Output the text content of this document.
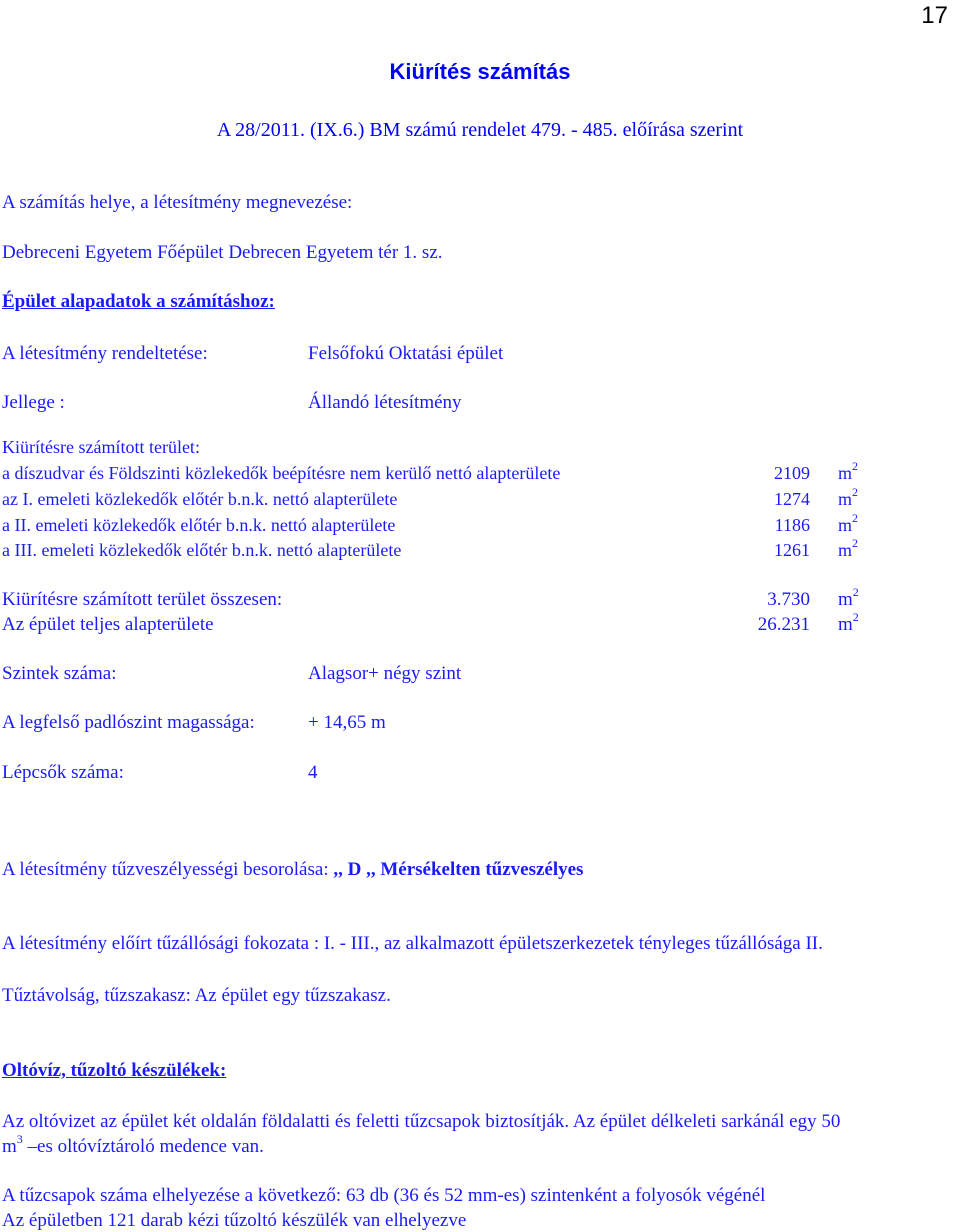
17
Kiürítés számítás
A 28/2011. (IX.6.) BM számú rendelet 479. - 485. előírása szerint
A számítás helye, a létesítmény megnevezése:
Debreceni Egyetem Főépület Debrecen Egyetem tér 1. sz.
Épület alapadatok a számításhoz:
A létesítmény rendeltetése:	Felsőfokú Oktatási épület
Jellege :	Állandó létesítmény
Kiürítésre számított terület:
a díszudvar és Földszinti közlekedők beépítésre nem kerülő nettó alapterülete	2109 $m^2$
az I. emeleti közlekedők előtér b.n.k. nettó alapterülete	1274 $m^2$
a II. emeleti közlekedők előtér b.n.k. nettó alapterülete	1186 $m^2$
a III. emeleti közlekedők előtér b.n.k. nettó alapterülete	1261 $m^2$
Kiürítésre számított terület összesen:	3.730 $m^2$
Az épület teljes alapterülete	26.231 $m^2$
Szintek száma:	Alagsor+ négy szint
A legfelső padlószint magassága:	+ 14,65 m
Lépcsők száma:	4
A létesítmény tűzveszélyességi besorolása: ,, D ,, Mérsékelten tűzveszélyes
A létesítmény előírt tűzállósági fokozata : I. - III., az alkalmazott épületszerkezetek tényleges tűzállósága II.
Tűztávolság, tűzszakasz: Az épület egy tűzszakasz.
Oltóvíz, tűzoltó készülékek:
Az oltóvizet az épület két oldalán földalatti és feletti tűzcsapok biztosítják. Az épület délkeleti sarkánál egy 50
$m^3$ –es oltóvíztároló medence van.
A tűzcsapok száma elhelyezése a következő: 63 db (36 és 52 mm-es) szintenként a folyosók végénél
Az épületben 121 darab kézi tűzoltó készülék van elhelyezve
